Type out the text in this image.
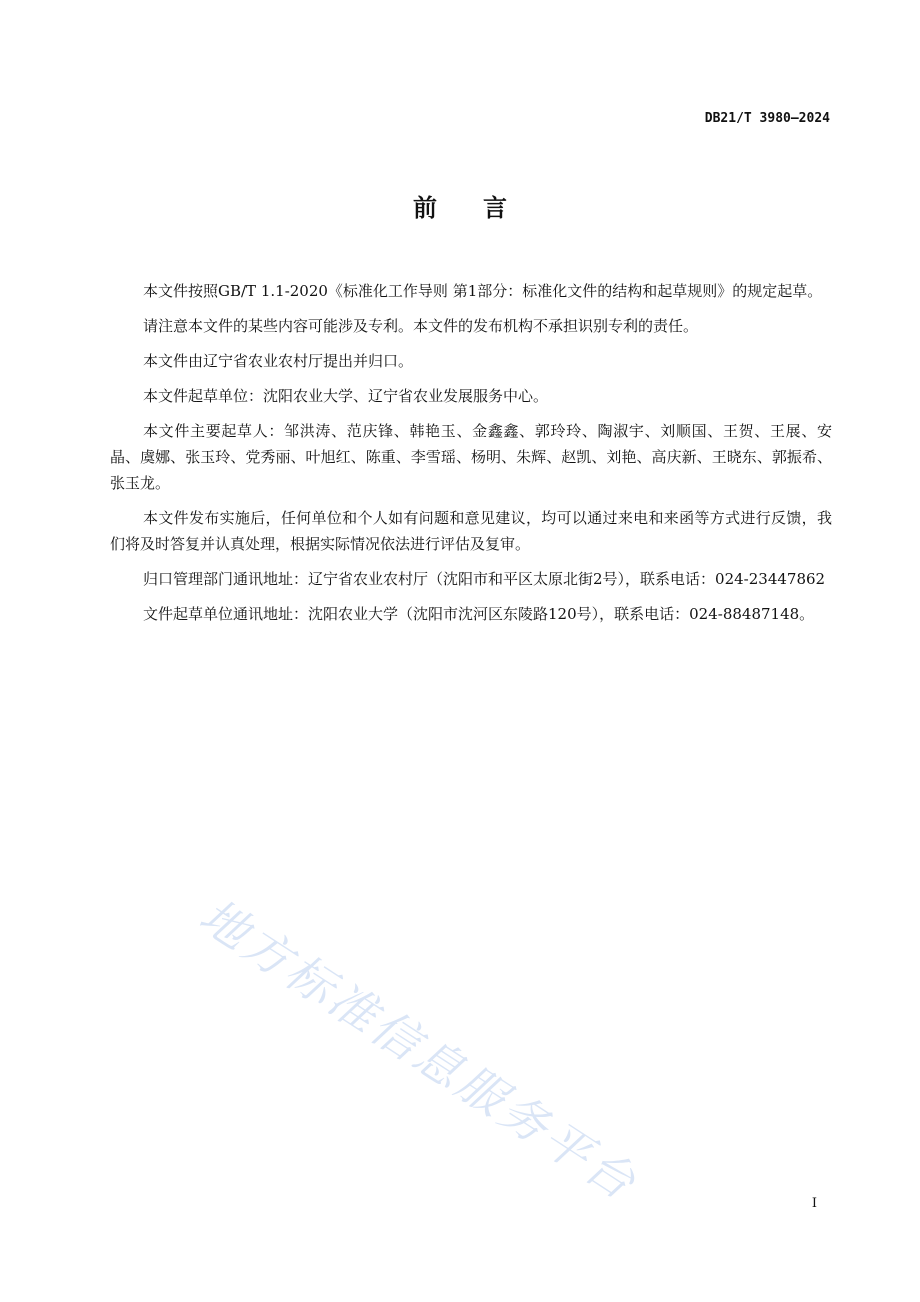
DB21/T 3980—2024
前言

本文件按照GB/T 1.1-2020《标准化工作导则 第1部分：标准化文件的结构和起草规则》的规定起草。

请注意本文件的某些内容可能涉及专利。本文件的发布机构不承担识别专利的责任。

本文件由辽宁省农业农村厅提出并归口。

本文件起草单位：沈阳农业大学、辽宁省农业发展服务中心。

本文件主要起草人：邹洪涛、范庆锋、韩艳玉、金鑫鑫、郭玲玲、陶淑宇、刘顺国、王贺、王展、安晶、虞娜、张玉玲、党秀丽、叶旭红、陈重、李雪瑶、杨明、朱辉、赵凯、刘艳、高庆新、王晓东、郭振希、张玉龙。

本文件发布实施后，任何单位和个人如有问题和意见建议，均可以通过来电和来函等方式进行反馈，我们将及时答复并认真处理，根据实际情况依法进行评估及复审。

归口管理部门通讯地址：辽宁省农业农村厅（沈阳市和平区太原北街2号），联系电话：024-23447862

文件起草单位通讯地址：沈阳农业大学（沈阳市沈河区东陵路120号），联系电话：024-88487148。

地方标准信息服务平台	I
